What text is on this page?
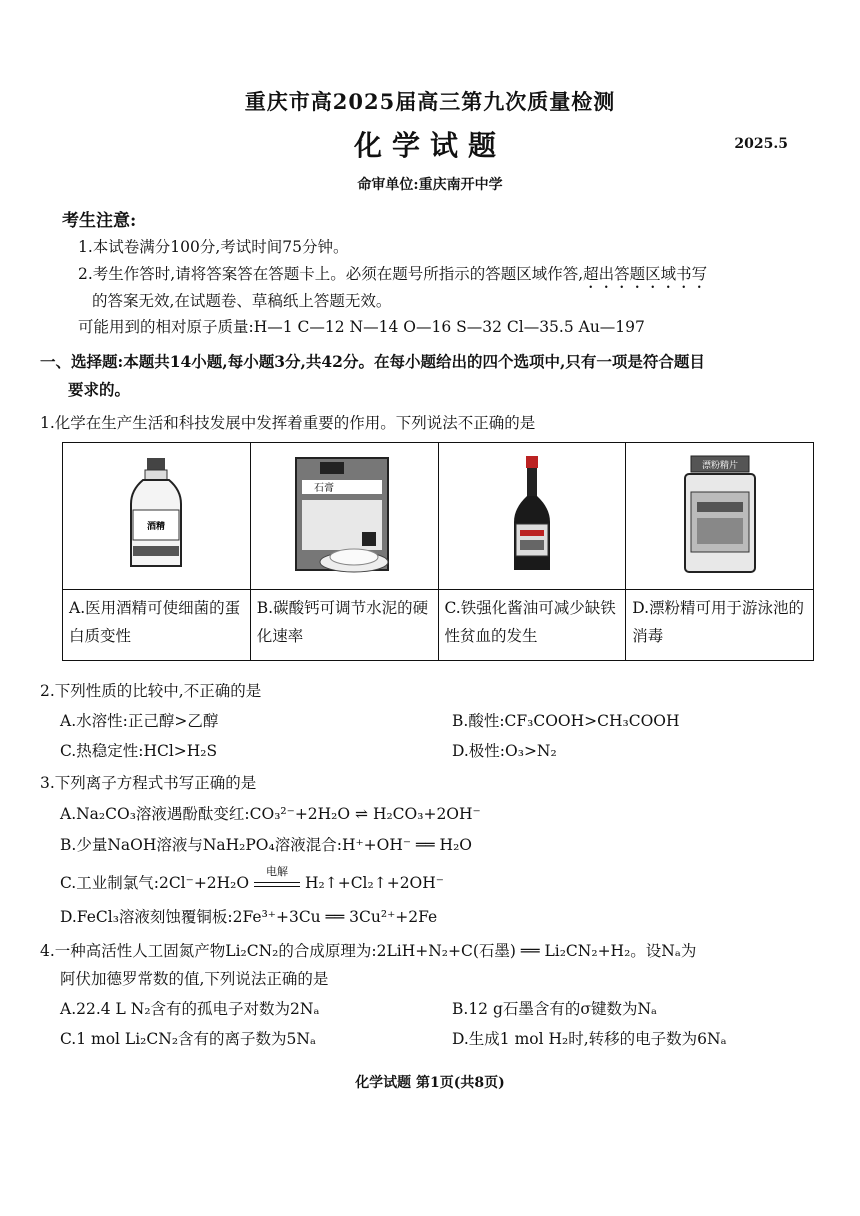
重庆市高2025届高三第九次质量检测
化学试题	2025.5
命审单位:重庆南开中学
考生注意:
1.本试卷满分100分,考试时间75分钟。
2.考生作答时,请将答案答在答题卡上。必须在题号所指示的答题区域作答,超出答题区域书写
的答案无效,在试题卷、草稿纸上答题无效。
可能用到的相对原子质量:H—1 C—12 N—14 O—16 S—32 Cl—35.5 Au—197
一、选择题:本题共14小题,每小题3分,共42分。在每小题给出的四个选项中,只有一项是符合题目
要求的。
1.化学在生产生活和科技发展中发挥着重要的作用。下列说法不正确的是
酒精	石膏		漂粉精片

A.医用酒精可使细菌的蛋白质变性	B.碳酸钙可调节水泥的硬化速率	C.铁强化酱油可减少缺铁性贫血的发生	D.漂粉精可用于游泳池的消毒
2.下列性质的比较中,不正确的是
A.水溶性:正己醇>乙醇	B.酸性:CF₃COOH>CH₃COOH
C.热稳定性:HCl>H₂S	D.极性:O₃>N₂
3.下列离子方程式书写正确的是
A.Na₂CO₃溶液遇酚酞变红:CO₃²⁻+2H₂O ⇌ H₂CO₃+2OH⁻
B.少量NaOH溶液与NaH₂PO₄溶液混合:H⁺+OH⁻ ══ H₂O
C.工业制氯气:2Cl⁻+2H₂O
电解
H₂↑+Cl₂↑+2OH⁻
D.FeCl₃溶液刻蚀覆铜板:2Fe³⁺+3Cu ══ 3Cu²⁺+2Fe
4.一种高活性人工固氮产物Li₂CN₂的合成原理为:2LiH+N₂+C(石墨) ══ Li₂CN₂+H₂。设Nₐ为
阿伏加德罗常数的值,下列说法正确的是
A.22.4 L N₂含有的孤电子对数为2Nₐ	B.12 g石墨含有的σ键数为Nₐ
C.1 mol Li₂CN₂含有的离子数为5Nₐ	D.生成1 mol H₂时,转移的电子数为6Nₐ
化学试题 第1页(共8页)
